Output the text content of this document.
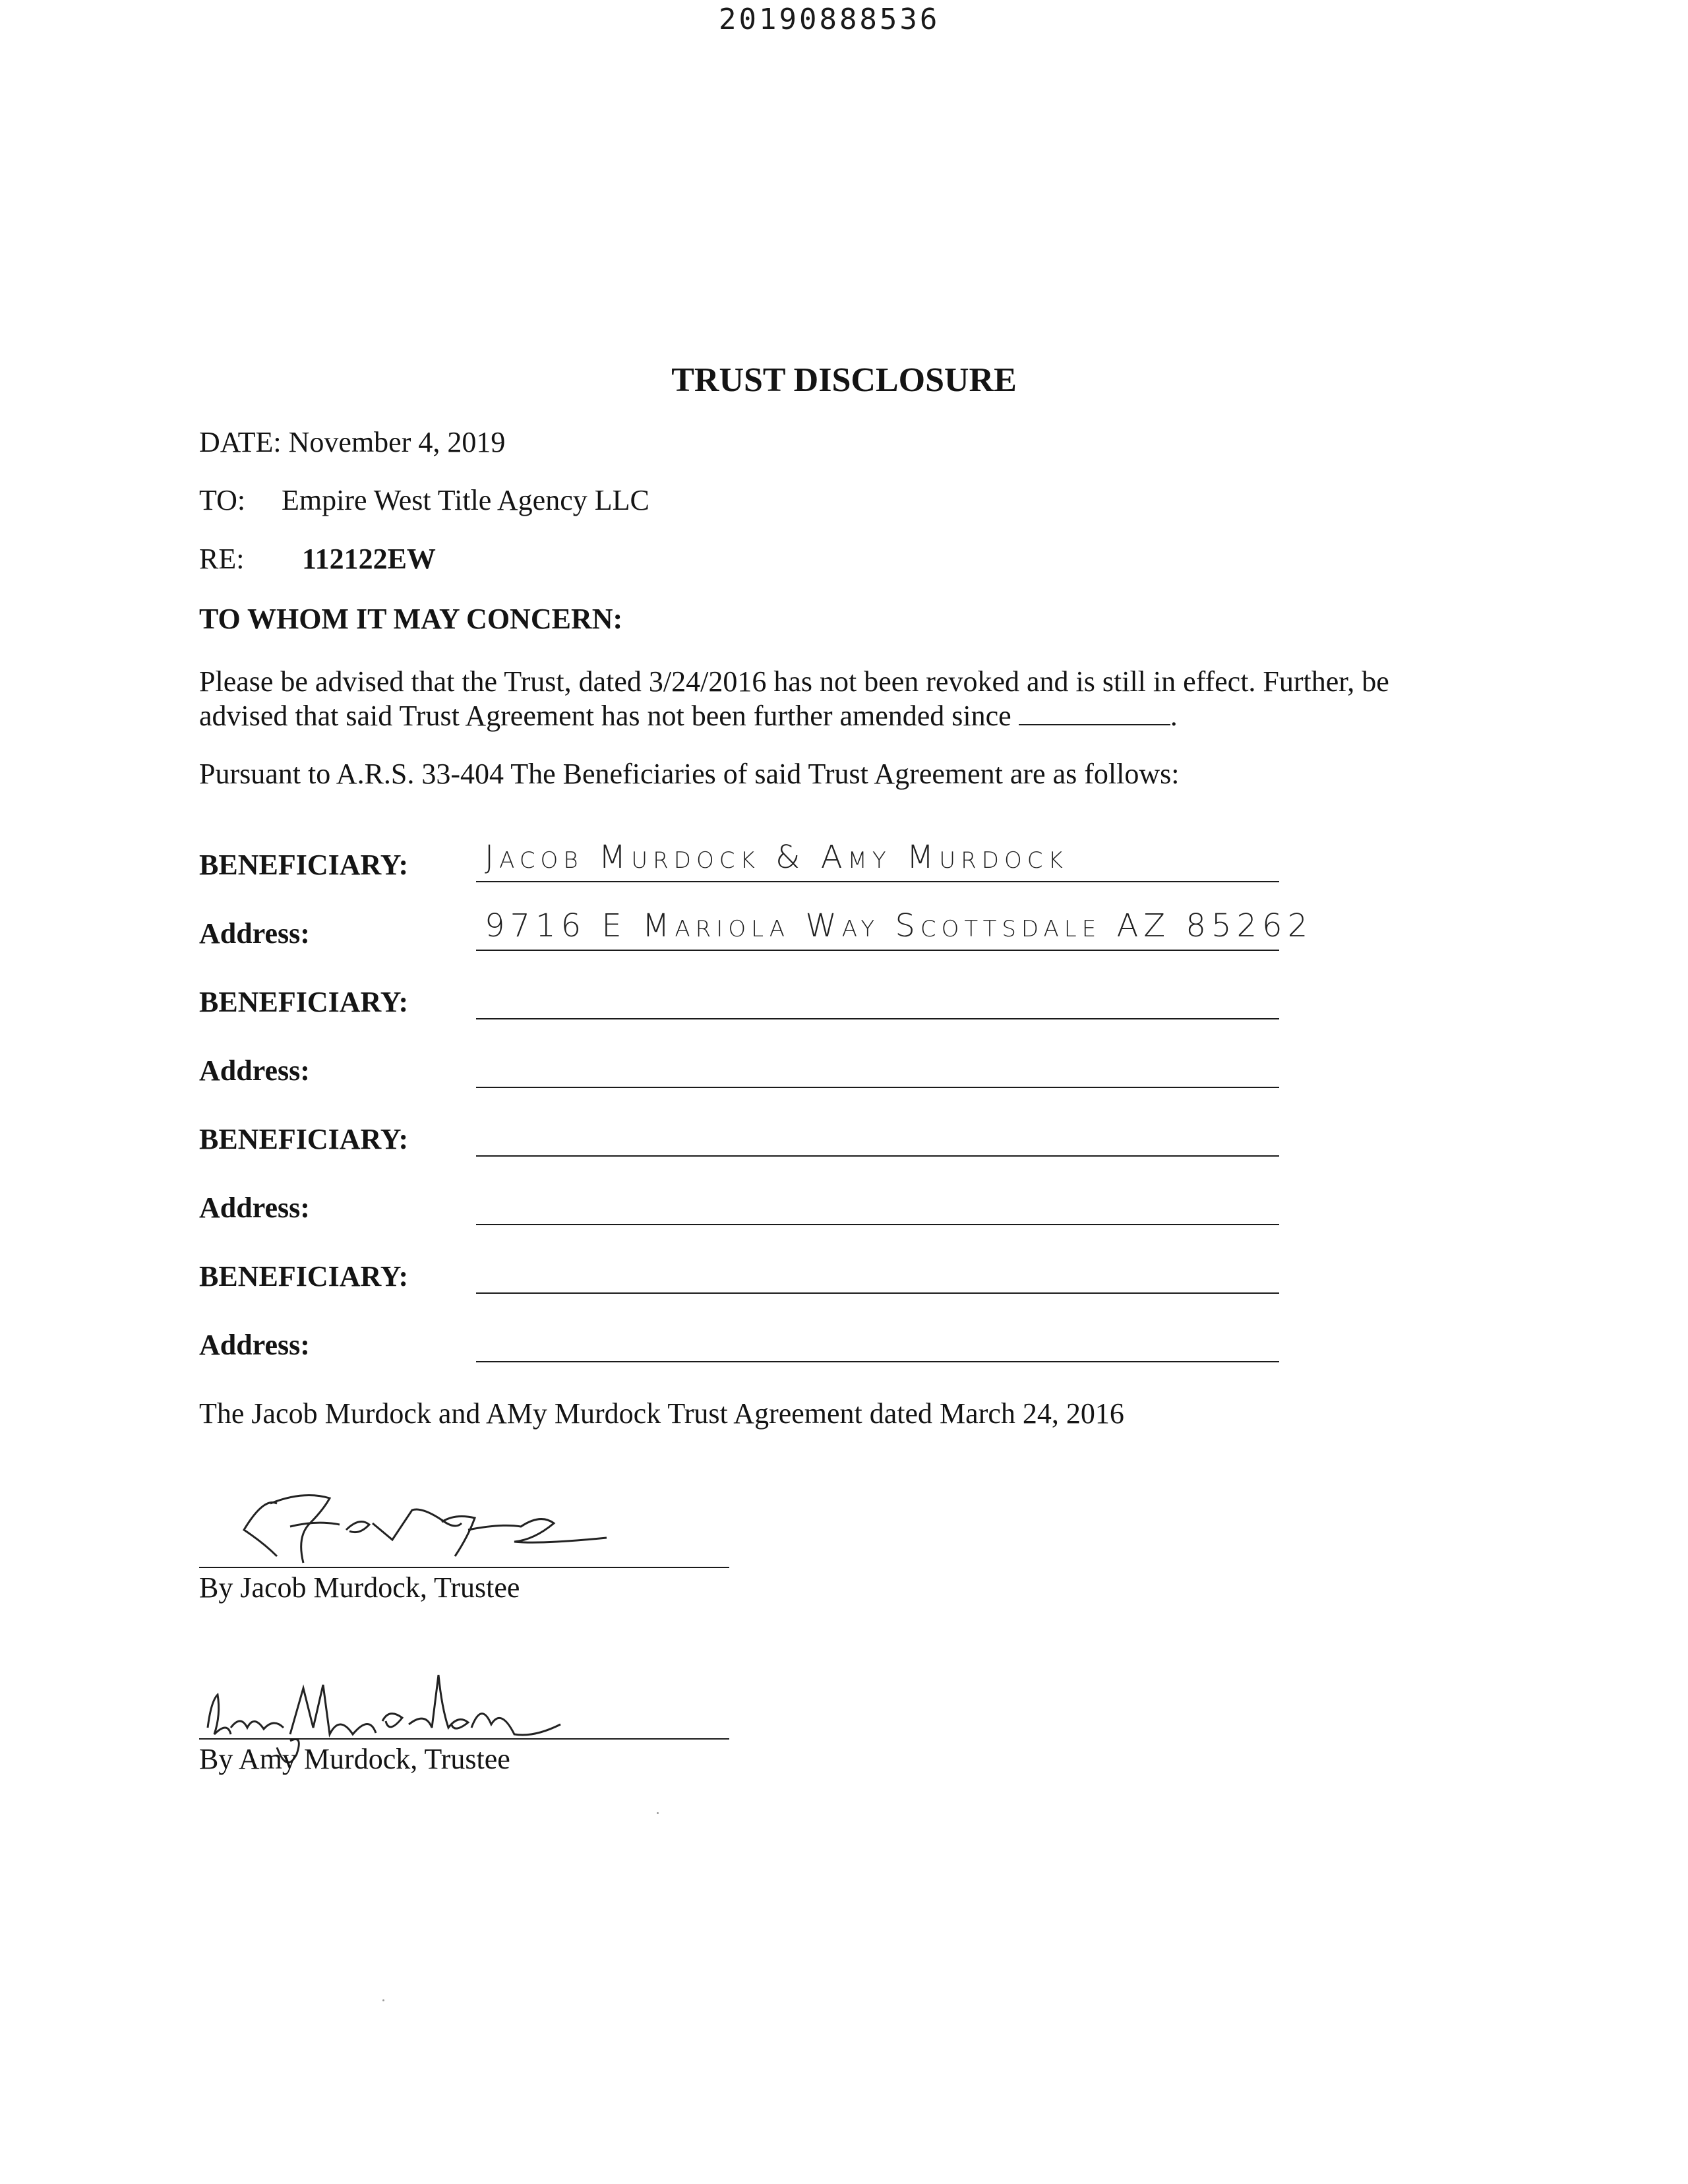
20190888536
TRUST DISCLOSURE
DATE: November 4, 2019
TO: Empire West Title Agency LLC
RE: 112122EW
TO WHOM IT MAY CONCERN:
Please be advised that the Trust, dated 3/24/2016 has not been revoked and is still in effect. Further, be
advised that said Trust Agreement has not been further amended since	.
Pursuant to A.R.S. 33-404 The Beneficiaries of said Trust Agreement are as follows:
BENEFICIARY: Jacob Murdock & Amy Murdock
Address:	9716 E Mariola Way Scottsdale AZ 85262
BENEFICIARY:
Address:
BENEFICIARY:
Address:
BENEFICIARY:
Address:
The Jacob Murdock and AMy Murdock Trust Agreement dated March 24, 2016
By Jacob Murdock, Trustee
By Amy Murdock, Trustee
